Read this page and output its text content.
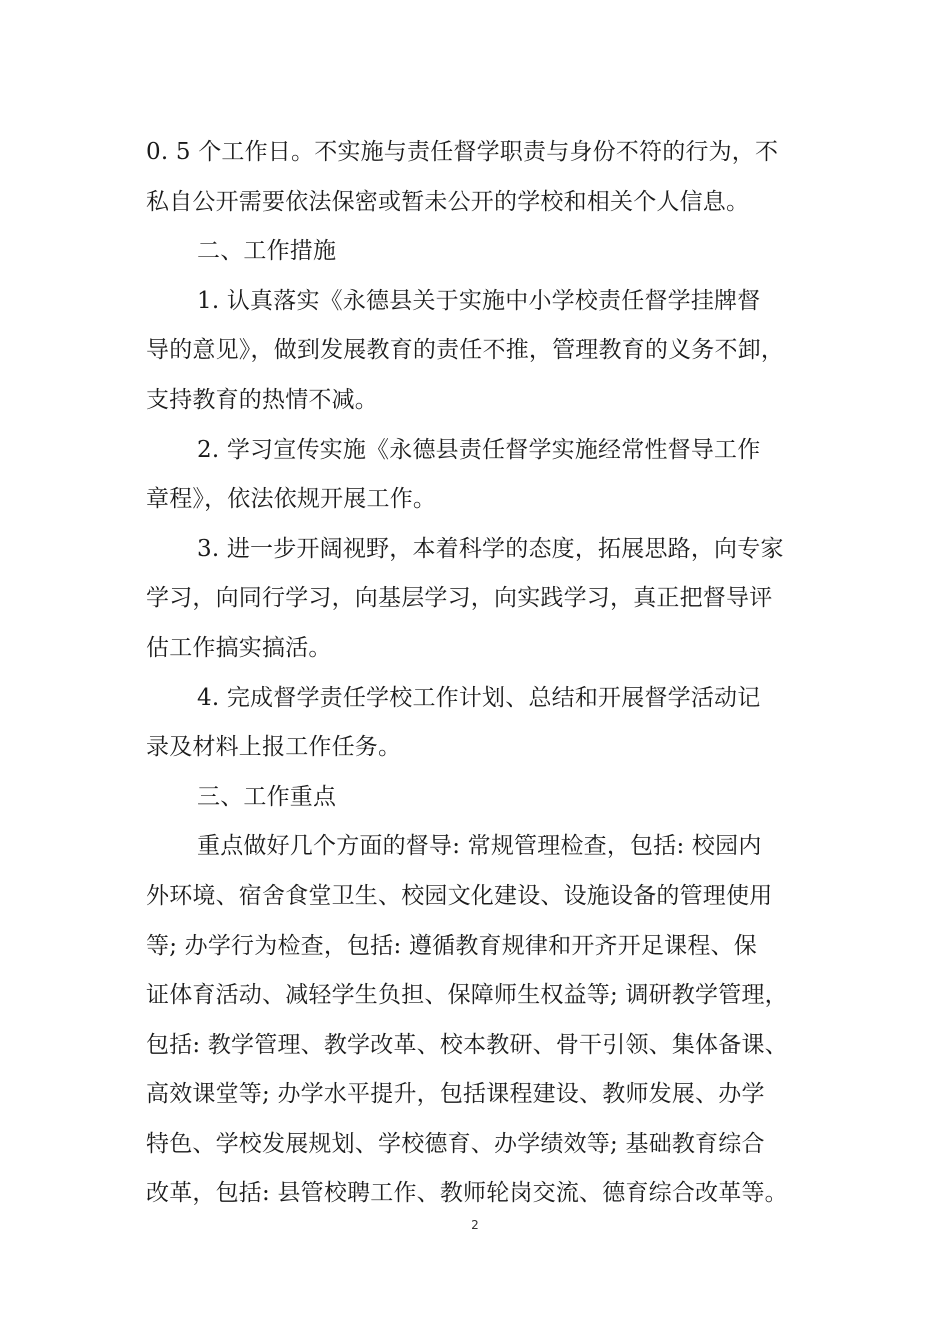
0. 5 个工作日。不实施与责任督学职责与身份不符的行为，不
私自公开需要依法保密或暂未公开的学校和相关个人信息。
二、工作措施
1. 认真落实《永德县关于实施中小学校责任督学挂牌督
导的意见》，做到发展教育的责任不推，管理教育的义务不卸，
支持教育的热情不减。
2. 学习宣传实施《永德县责任督学实施经常性督导工作
章程》，依法依规开展工作。
3. 进一步开阔视野，本着科学的态度，拓展思路，向专家
学习，向同行学习，向基层学习，向实践学习，真正把督导评
估工作搞实搞活。
4. 完成督学责任学校工作计划、总结和开展督学活动记
录及材料上报工作任务。
三、工作重点
重点做好几个方面的督导: 常规管理检查，包括: 校园内
外环境、宿舍食堂卫生、校园文化建设、设施设备的管理使用
等; 办学行为检查，包括: 遵循教育规律和开齐开足课程、保
证体育活动、减轻学生负担、保障师生权益等; 调研教学管理，
包括: 教学管理、教学改革、校本教研、骨干引领、集体备课、
高效课堂等; 办学水平提升，包括课程建设、教师发展、办学
特色、学校发展规划、学校德育、办学绩效等; 基础教育综合
改革，包括: 县管校聘工作、教师轮岗交流、德育综合改革等。
2
